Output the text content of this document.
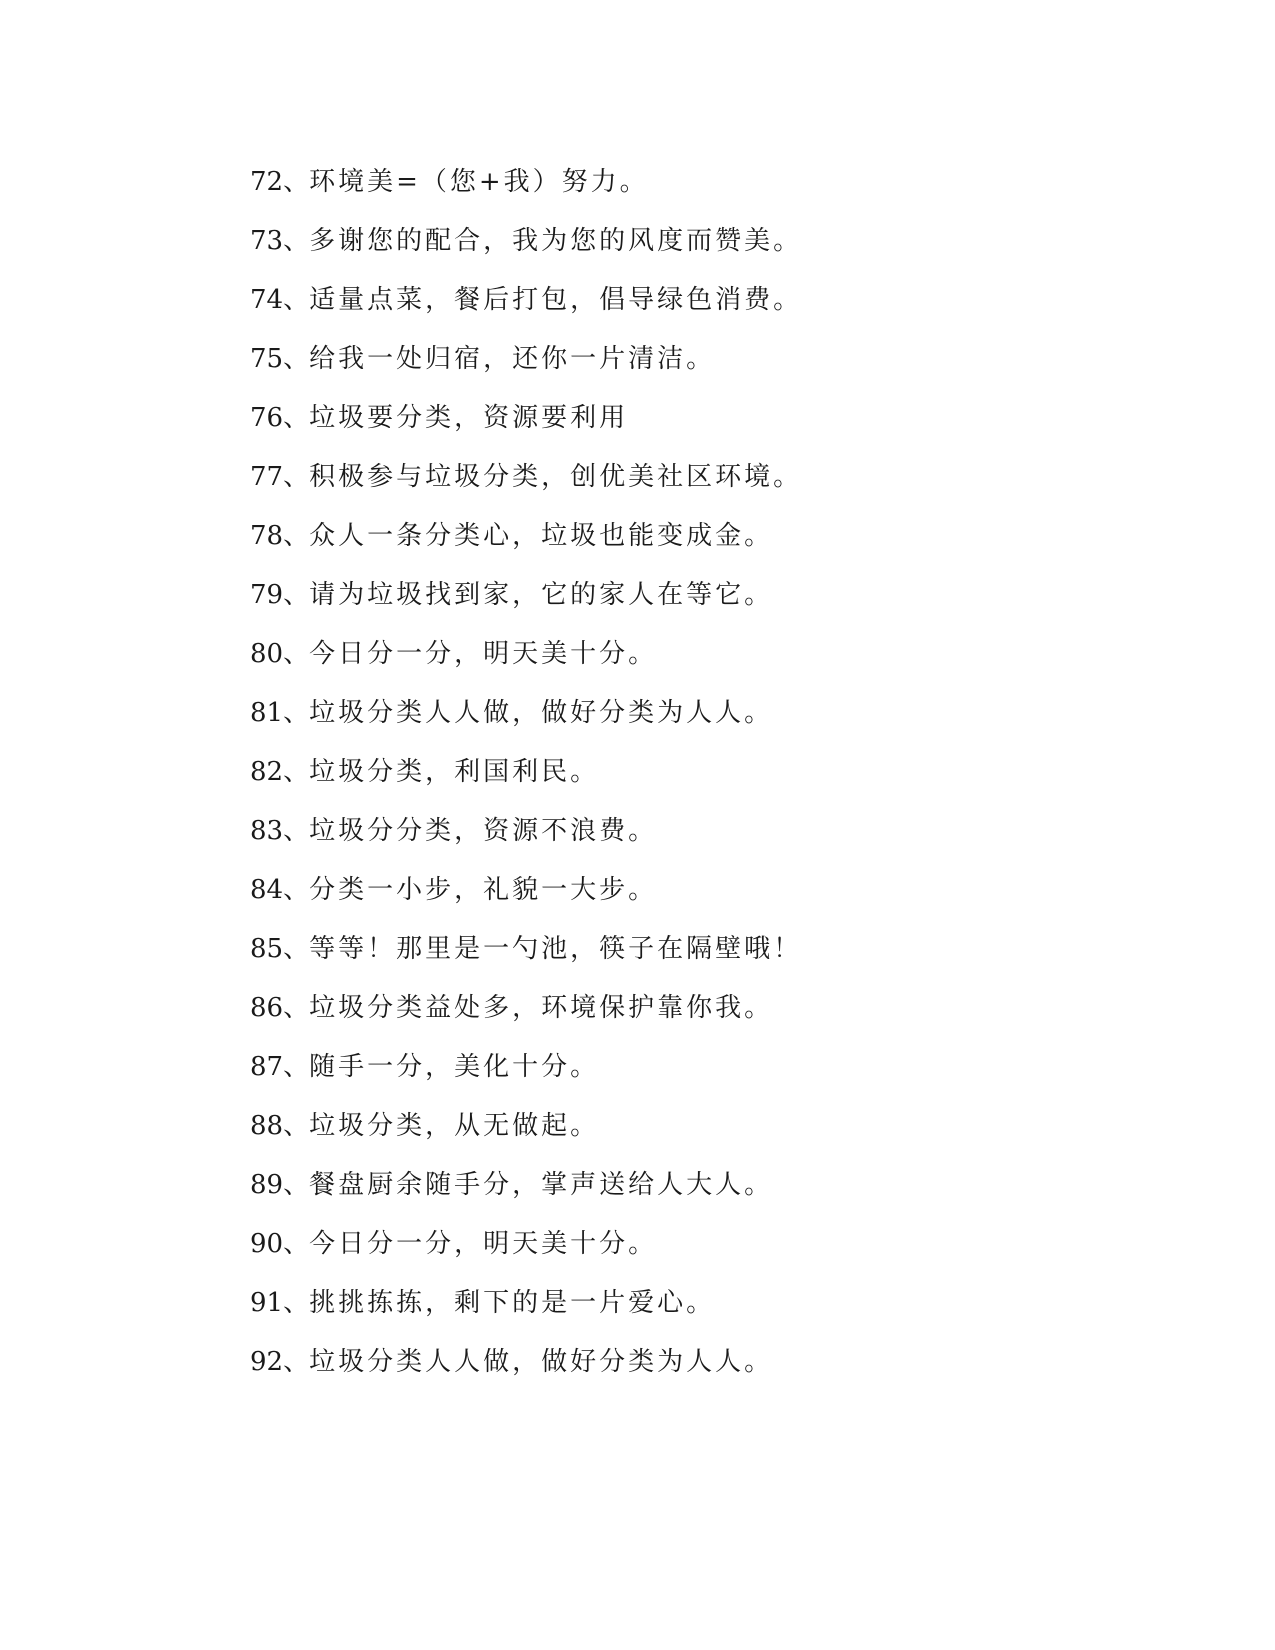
72、环境美=（您+我）努力。
73、多谢您的配合，我为您的风度而赞美。
74、适量点菜，餐后打包，倡导绿色消费。
75、给我一处归宿，还你一片清洁。
76、垃圾要分类，资源要利用
77、积极参与垃圾分类，创优美社区环境。
78、众人一条分类心，垃圾也能变成金。
79、请为垃圾找到家，它的家人在等它。
80、今日分一分，明天美十分。
81、垃圾分类人人做，做好分类为人人。
82、垃圾分类，利国利民。
83、垃圾分分类，资源不浪费。
84、分类一小步，礼貌一大步。
85、等等！那里是一勺池，筷子在隔壁哦！
86、垃圾分类益处多，环境保护靠你我。
87、随手一分，美化十分。
88、垃圾分类，从无做起。
89、餐盘厨余随手分，掌声送给人大人。
90、今日分一分，明天美十分。
91、挑挑拣拣，剩下的是一片爱心。
92、垃圾分类人人做，做好分类为人人。
